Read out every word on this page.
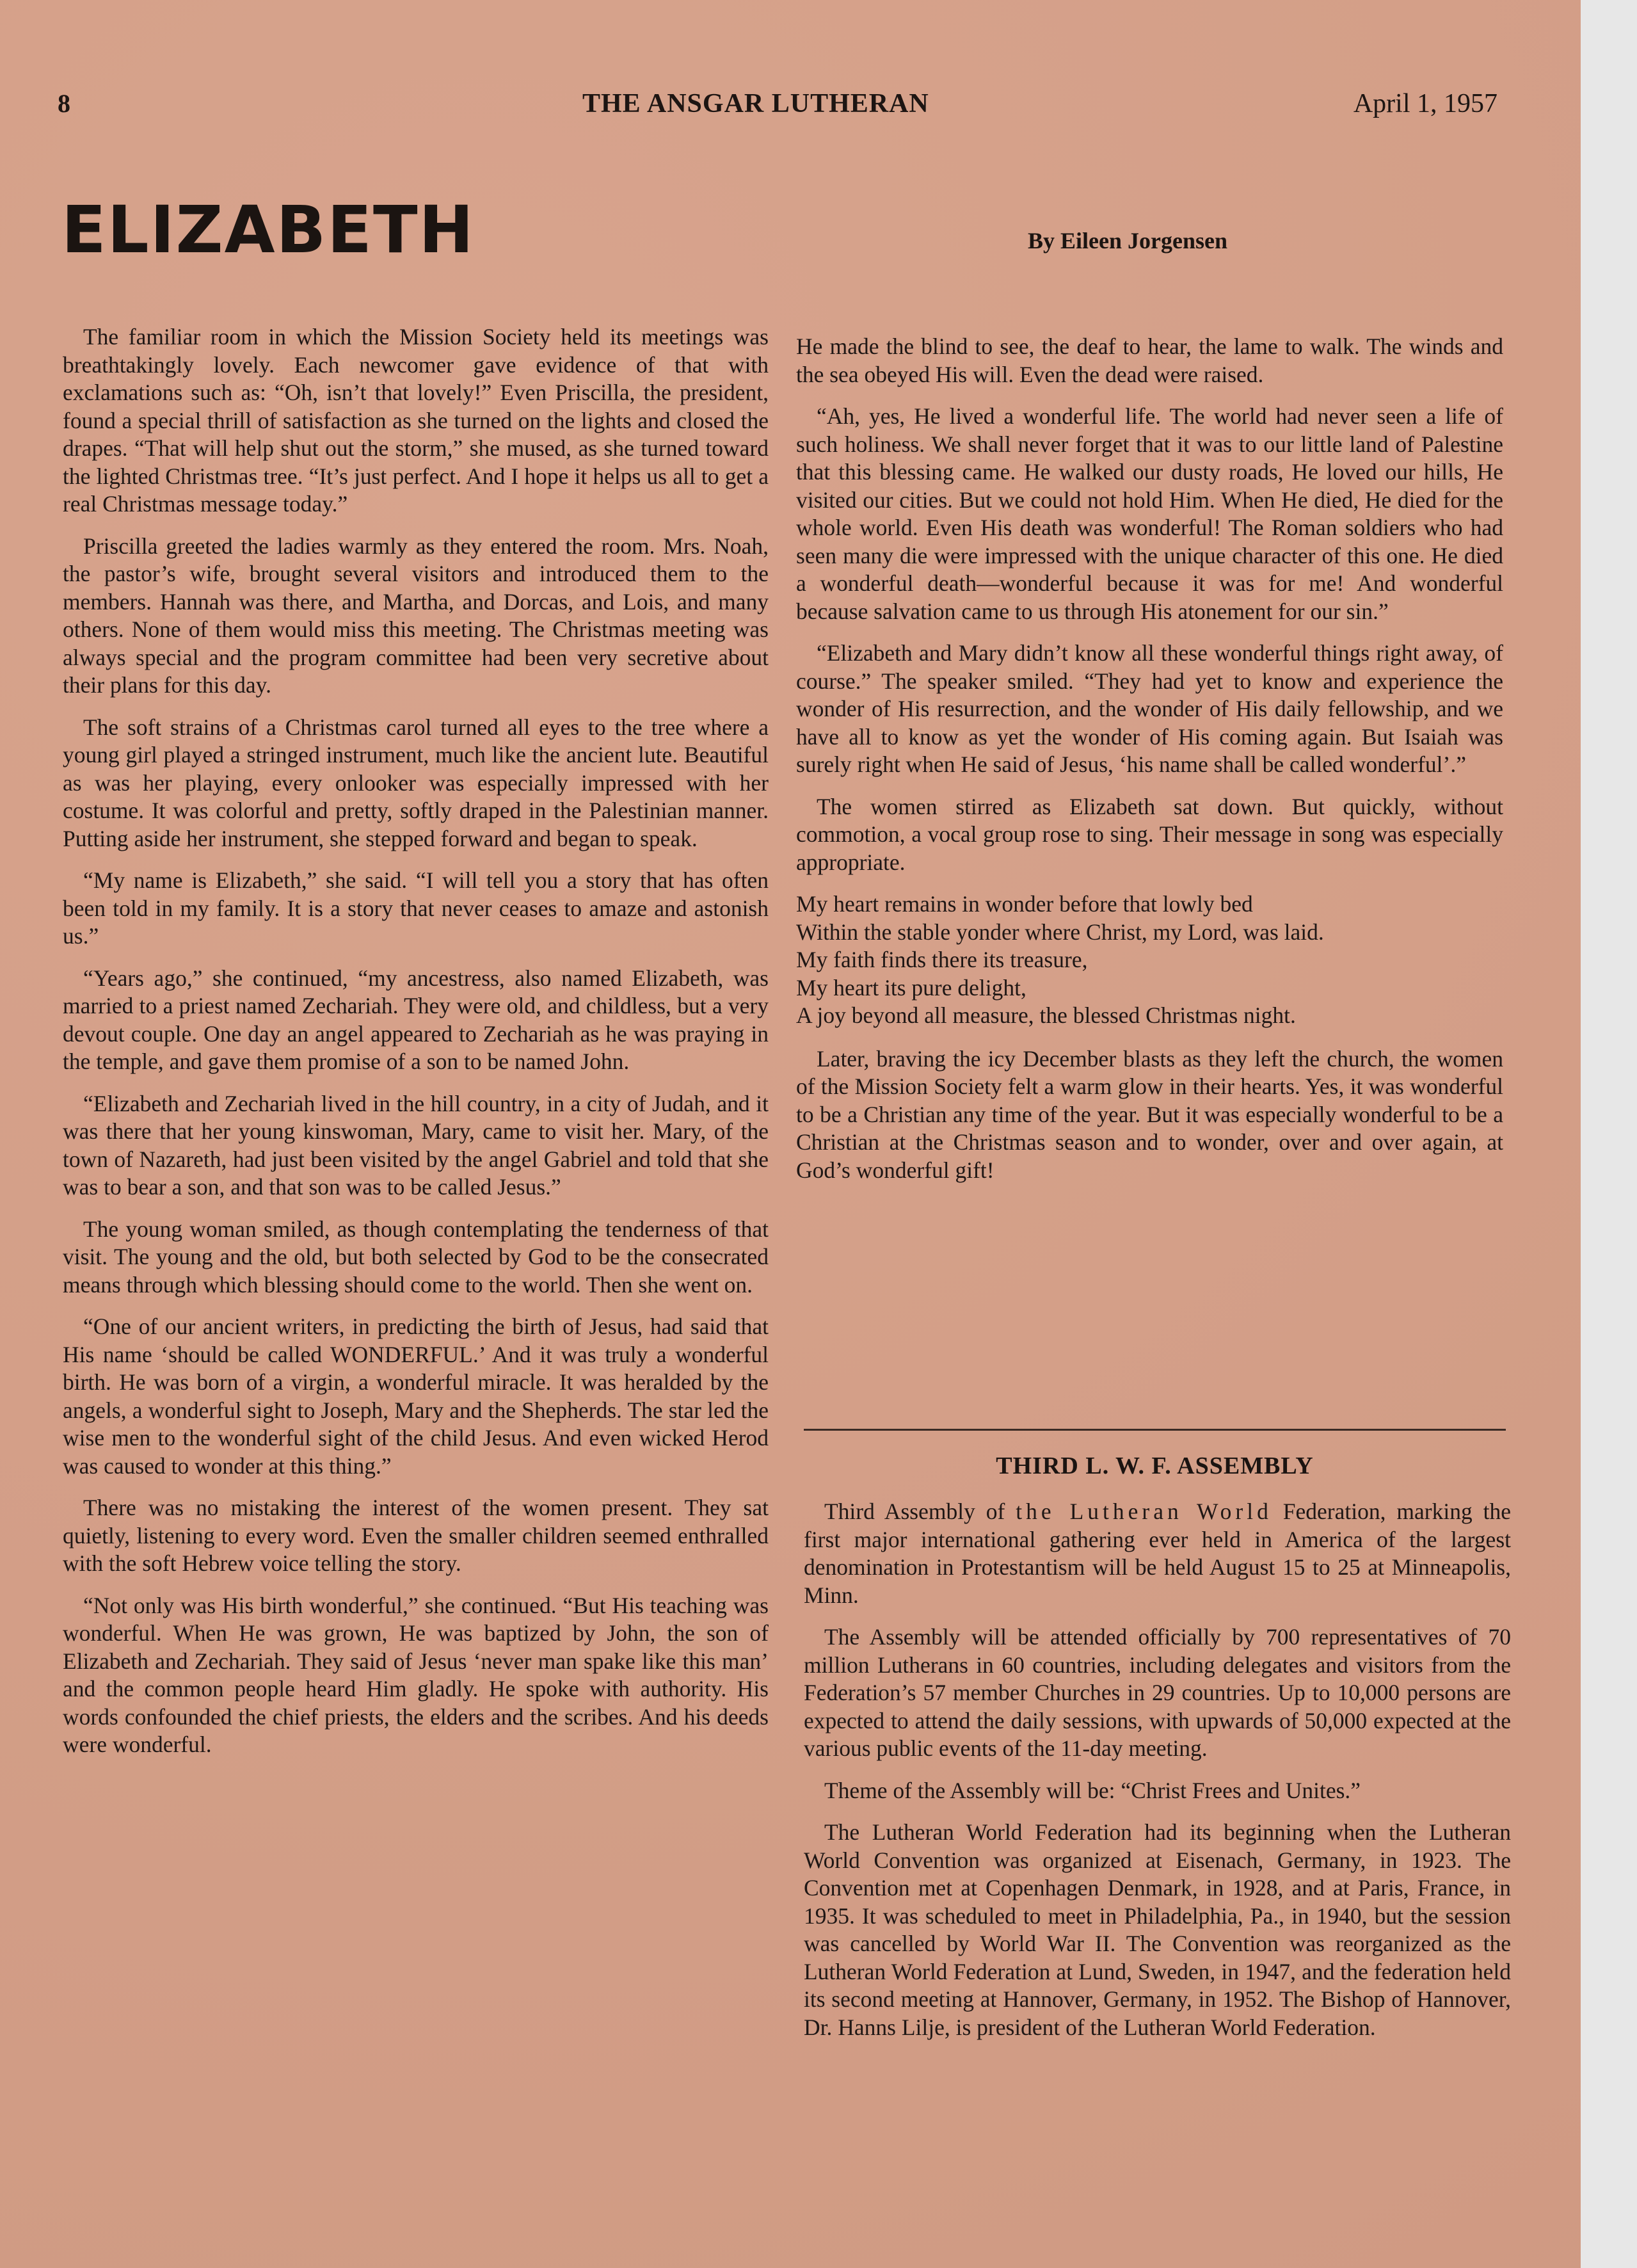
8	THE ANSGAR LUTHERAN	April 1, 1957
ELIZABETH	By Eileen Jorgensen

The familiar room in which the Mission Society held its meetings was breathtakingly lovely. Each newcomer gave evidence of that with exclamations such as: “Oh, isn’t that lovely!” Even Priscilla, the president, found a special thrill of satisfaction as she turned on the lights and closed the drapes. “That will help shut out the storm,” she mused, as she turned toward the lighted Christmas tree. “It’s just perfect. And I hope it helps us all to get a real Christmas message today.”

Priscilla greeted the ladies warmly as they entered the room. Mrs. Noah, the pastor’s wife, brought several visitors and introduced them to the members. Hannah was there, and Martha, and Dorcas, and Lois, and many others. None of them would miss this meeting. The Christmas meeting was always special and the program committee had been very secretive about their plans for this day.

The soft strains of a Christmas carol turned all eyes to the tree where a young girl played a stringed instrument, much like the ancient lute. Beautiful as was her playing, every onlooker was especially impressed with her costume. It was colorful and pretty, softly draped in the Palestinian manner. Putting aside her instrument, she stepped forward and began to speak.

“My name is Elizabeth,” she said. “I will tell you a story that has often been told in my family. It is a story that never ceases to amaze and astonish us.”

“Years ago,” she continued, “my ancestress, also named Elizabeth, was married to a priest named Zechariah. They were old, and childless, but a very devout couple. One day an angel appeared to Zechariah as he was praying in the temple, and gave them promise of a son to be named John.

“Elizabeth and Zechariah lived in the hill country, in a city of Judah, and it was there that her young kinswoman, Mary, came to visit her. Mary, of the town of Nazareth, had just been visited by the angel Gabriel and told that she was to bear a son, and that son was to be called Jesus.”

The young woman smiled, as though contemplating the tenderness of that visit. The young and the old, but both selected by God to be the consecrated means through which blessing should come to the world. Then she went on.

“One of our ancient writers, in predicting the birth of Jesus, had said that His name ‘should be called WONDERFUL.’ And it was truly a wonderful birth. He was born of a virgin, a wonderful miracle. It was heralded by the angels, a wonderful sight to Joseph, Mary and the Shepherds. The star led the wise men to the wonderful sight of the child Jesus. And even wicked Herod was caused to wonder at this thing.”

There was no mistaking the interest of the women present. They sat quietly, listening to every word. Even the smaller children seemed enthralled with the soft Hebrew voice telling the story.

“Not only was His birth wonderful,” she continued. “But His teaching was wonderful. When He was grown, He was baptized by John, the son of Elizabeth and Zechariah. They said of Jesus ‘never man spake like this man’ and the common people heard Him gladly. He spoke with authority. His words confounded the chief priests, the elders and the scribes. And his deeds were wonderful.

He made the blind to see, the deaf to hear, the lame to walk. The winds and the sea obeyed His will. Even the dead were raised.

“Ah, yes, He lived a wonderful life. The world had never seen a life of such holiness. We shall never forget that it was to our little land of Palestine that this blessing came. He walked our dusty roads, He loved our hills, He visited our cities. But we could not hold Him. When He died, He died for the whole world. Even His death was wonderful! The Roman soldiers who had seen many die were impressed with the unique character of this one. He died a wonderful death—wonderful because it was for me! And wonderful because salvation came to us through His atonement for our sin.”

“Elizabeth and Mary didn’t know all these wonderful things right away, of course.” The speaker smiled. “They had yet to know and experience the wonder of His resurrection, and the wonder of His daily fellowship, and we have all to know as yet the wonder of His coming again. But Isaiah was surely right when He said of Jesus, ‘his name shall be called wonderful’.”

The women stirred as Elizabeth sat down. But quickly, without commotion, a vocal group rose to sing. Their message in song was especially appropriate.

My heart remains in wonder before that lowly bed
Within the stable yonder where Christ, my Lord, was laid.
My faith finds there its treasure,
My heart its pure delight,
A joy beyond all measure, the blessed Christmas night.

Later, braving the icy December blasts as they left the church, the women of the Mission Society felt a warm glow in their hearts. Yes, it was wonderful to be a Christian any time of the year. But it was especially wonderful to be a Christian at the Christmas season and to wonder, over and over again, at God’s wonderful gift!

THIRD L. W. F. ASSEMBLY

Third Assembly of the Lutheran World Federation, marking the first major international gathering ever held in America of the largest denomination in Protestantism will be held August 15 to 25 at Minneapolis, Minn.

The Assembly will be attended officially by 700 representatives of 70 million Lutherans in 60 countries, including delegates and visitors from the Federation’s 57 member Churches in 29 countries. Up to 10,000 persons are expected to attend the daily sessions, with upwards of 50,000 expected at the various public events of the 11-day meeting.

Theme of the Assembly will be: “Christ Frees and Unites.”

The Lutheran World Federation had its beginning when the Lutheran World Convention was organized at Eisenach, Germany, in 1923. The Convention met at Copenhagen Denmark, in 1928, and at Paris, France, in 1935. It was scheduled to meet in Philadelphia, Pa., in 1940, but the session was cancelled by World War II. The Convention was reorganized as the Lutheran World Federation at Lund, Sweden, in 1947, and the federation held its second meeting at Hannover, Germany, in 1952. The Bishop of Hannover, Dr. Hanns Lilje, is president of the Lutheran World Federation.
